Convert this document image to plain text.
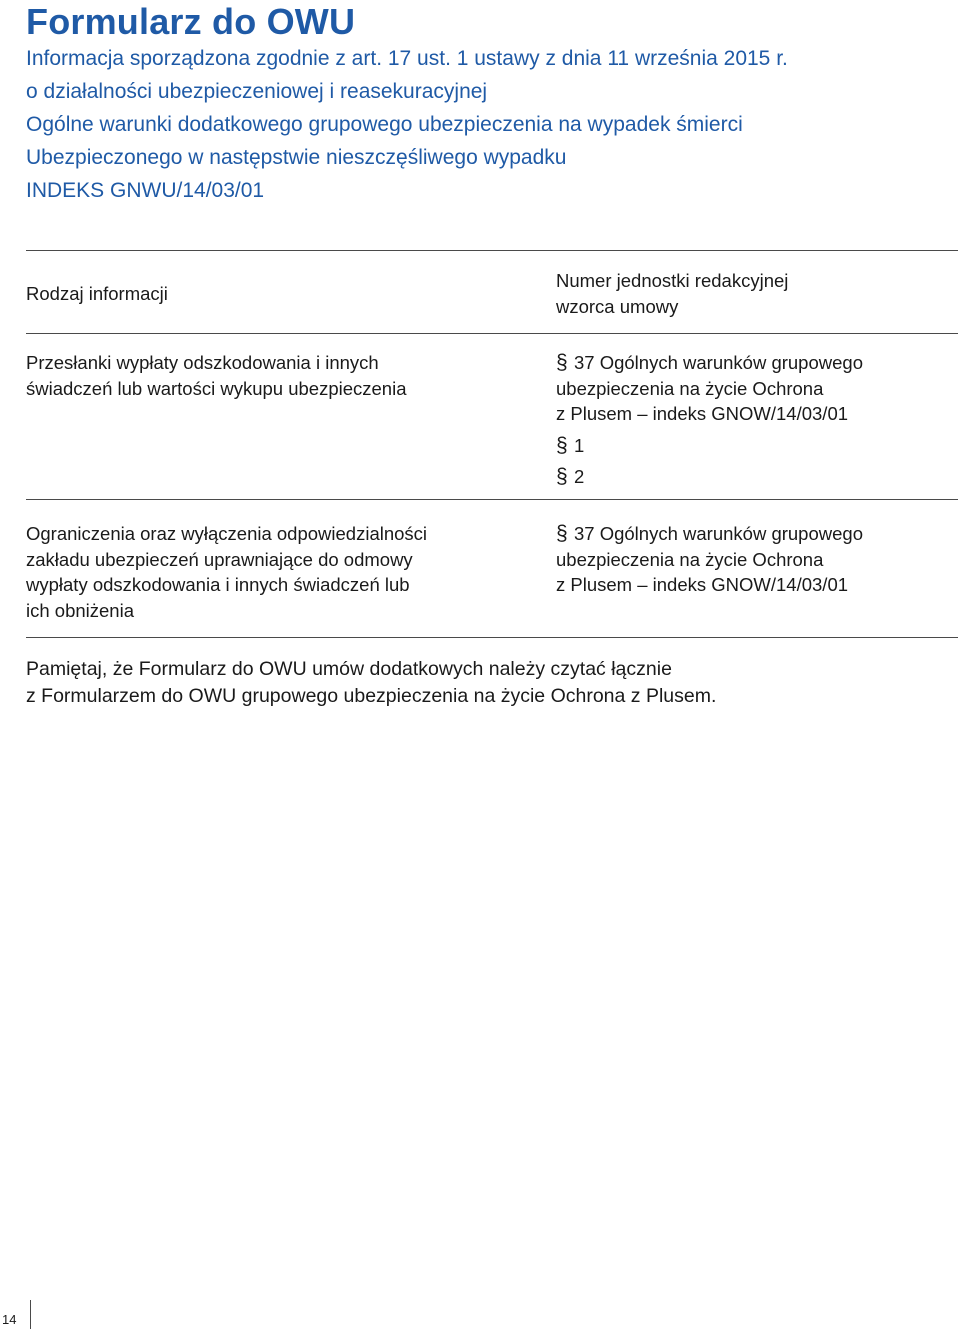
Formularz do OWU
Informacja sporządzona zgodnie z art. 17 ust. 1 ustawy z dnia 11 września 2015 r.
o działalności ubezpieczeniowej i reasekuracyjnej
Ogólne warunki dodatkowego grupowego ubezpieczenia na wypadek śmierci
Ubezpieczonego w następstwie nieszczęśliwego wypadku
INDEKS GNWU/14/03/01
Rodzaj informacji
Numer jednostki redakcyjnej
wzorca umowy
Przesłanki wypłaty odszkodowania i innych
świadczeń lub wartości wykupu ubezpieczenia
§ 37 Ogólnych warunków grupowego
ubezpieczenia na życie Ochrona
z Plusem – indeks GNOW/14/03/01
§ 1
§ 2
Ograniczenia oraz wyłączenia odpowiedzialności
zakładu ubezpieczeń uprawniające do odmowy
wypłaty odszkodowania i innych świadczeń lub
ich obniżenia
§ 37 Ogólnych warunków grupowego
ubezpieczenia na życie Ochrona
z Plusem – indeks GNOW/14/03/01
Pamiętaj, że Formularz do OWU umów dodatkowych należy czytać łącznie
z Formularzem do OWU grupowego ubezpieczenia na życie Ochrona z Plusem.
14
